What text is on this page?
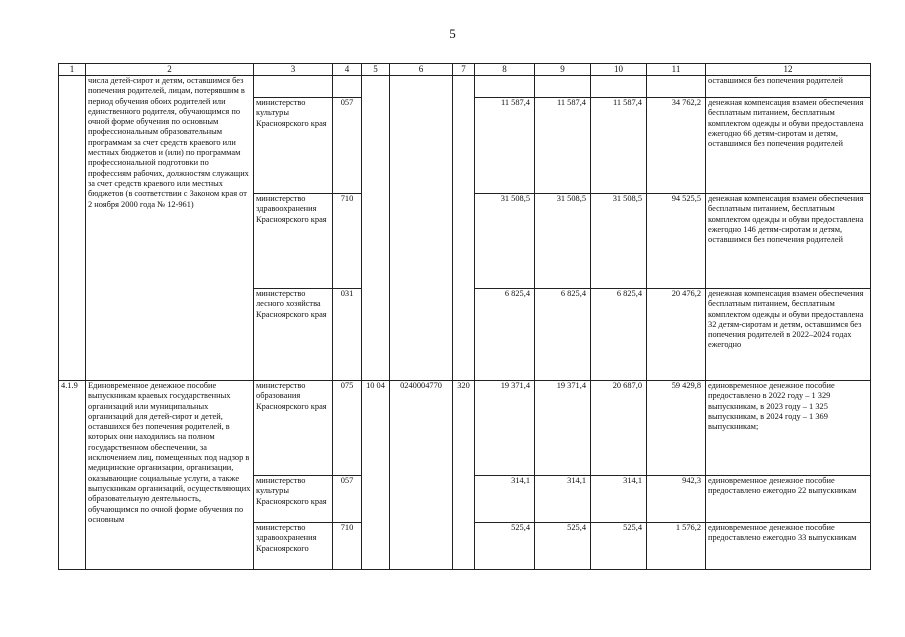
5
1	2	3	4	5	6	7	8	9	10	11	12
	числа детей-сирот и детям, оставшимся без попечения родителей, лицам, потерявшим в период обучения обоих родителей или единственного родителя, обучающимся по очной форме обучения по основным профессиональным образовательным программам за счет средств краевого или местных бюджетов и (или) по программам профессиональной подготовки по профессиям рабочих, должностям служащих за счет средств краевого или местных бюджетов (в соответствии с Законом края от 2 ноября 2000 года № 12-961)										оставшимся без попечения родителей
		министерство культуры Красноярского края	057				11 587,4	11 587,4	11 587,4	34 762,2	денежная компенсация взамен обеспечения бесплатным питанием, бесплатным комплектом одежды и обуви предоставлена ежегодно 66 детям-сиротам и детям, оставшимся без попечения родителей
		министерство здравоохранения Красноярского края	710				31 508,5	31 508,5	31 508,5	94 525,5	денежная компенсация взамен обеспечения бесплатным питанием, бесплатным комплектом одежды и обуви предоставлена ежегодно 146 детям-сиротам и детям, оставшимся без попечения родителей
		министерство лесного хозяйства Красноярского края	031				6 825,4	6 825,4	6 825,4	20 476,2	денежная компенсация взамен обеспечения бесплатным питанием, бесплатным комплектом одежды и обуви предоставлена 32 детям-сиротам и детям, оставшимся без попечения родителей в 2022–2024 годах ежегодно
4.1.9	Единовременное денежное пособие выпускникам краевых государственных организаций или муниципальных организаций для детей-сирот и детей, оставшихся без попечения родителей, в которых они находились на полном государственном обеспечении, за исключением лиц, помещенных под надзор в медицинские организации, организации, оказывающие социальные услуги, а также выпускникам организаций, осуществляющих образовательную деятельность, обучающимся по очной форме обучения по основным	министерство образования Красноярского края	075	10 04	0240004770	320	19 371,4	19 371,4	20 687,0	59 429,8	единовременное денежное пособие предоставлено в 2022 году – 1 329 выпускникам, в 2023 году – 1 325 выпускникам, в 2024 году – 1 369 выпускникам;
		министерство культуры Красноярского края	057				314,1	314,1	314,1	942,3	единовременное денежное пособие предоставлено ежегодно 22 выпускникам
		министерство здравоохранения Красноярского	710				525,4	525,4	525,4	1 576,2	единовременное денежное пособие предоставлено ежегодно 33 выпускникам
